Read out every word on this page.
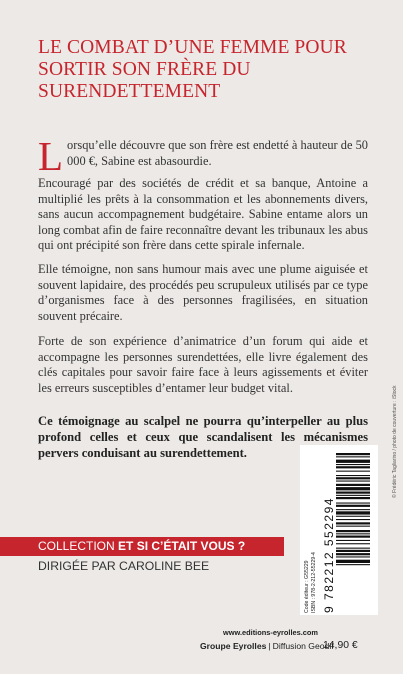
LE COMBAT D’UNE FEMME POUR SORTIR SON FRÈRE DU SURENDETTEMENT
Lorsqu’elle découvre que son frère est endetté à hauteur de 50 000 €, Sabine est abasourdie.
Encouragé par des sociétés de crédit et sa banque, Antoine a multiplié les prêts à la consommation et les abonnements divers, sans aucun accompagnement budgétaire. Sabine entame alors un long combat afin de faire reconnaître devant les tribunaux les abus qui ont précipité son frère dans cette spirale infernale.
Elle témoigne, non sans humour mais avec une plume aiguisée et souvent lapidaire, des procédés peu scrupuleux utilisés par ce type d’organismes face à des personnes fragilisées, en situation souvent précaire.
Forte de son expérience d’animatrice d’un forum qui aide et accompagne les personnes surendettées, elle livre également des clés capitales pour savoir faire face à leurs agissements et éviter les erreurs susceptibles d’entamer leur budget vital.
Ce témoignage au scalpel ne pourra qu’interpeller au plus profond celles et ceux que scandalisent les mécanismes pervers conduisant au surendettement.	© Frédéric Tagliarino / photo de couverture : iStock
Code éditeur : G55229 ISBN : 978-2-212-55229-4 9 782212 552294
COLLECTION ET SI C’ÉTAIT VOUS ?
DIRIGÉE PAR CAROLINE BEE
www.editions-eyrolles.com
Groupe Eyrolles | Diffusion Geodif
14,90 €
